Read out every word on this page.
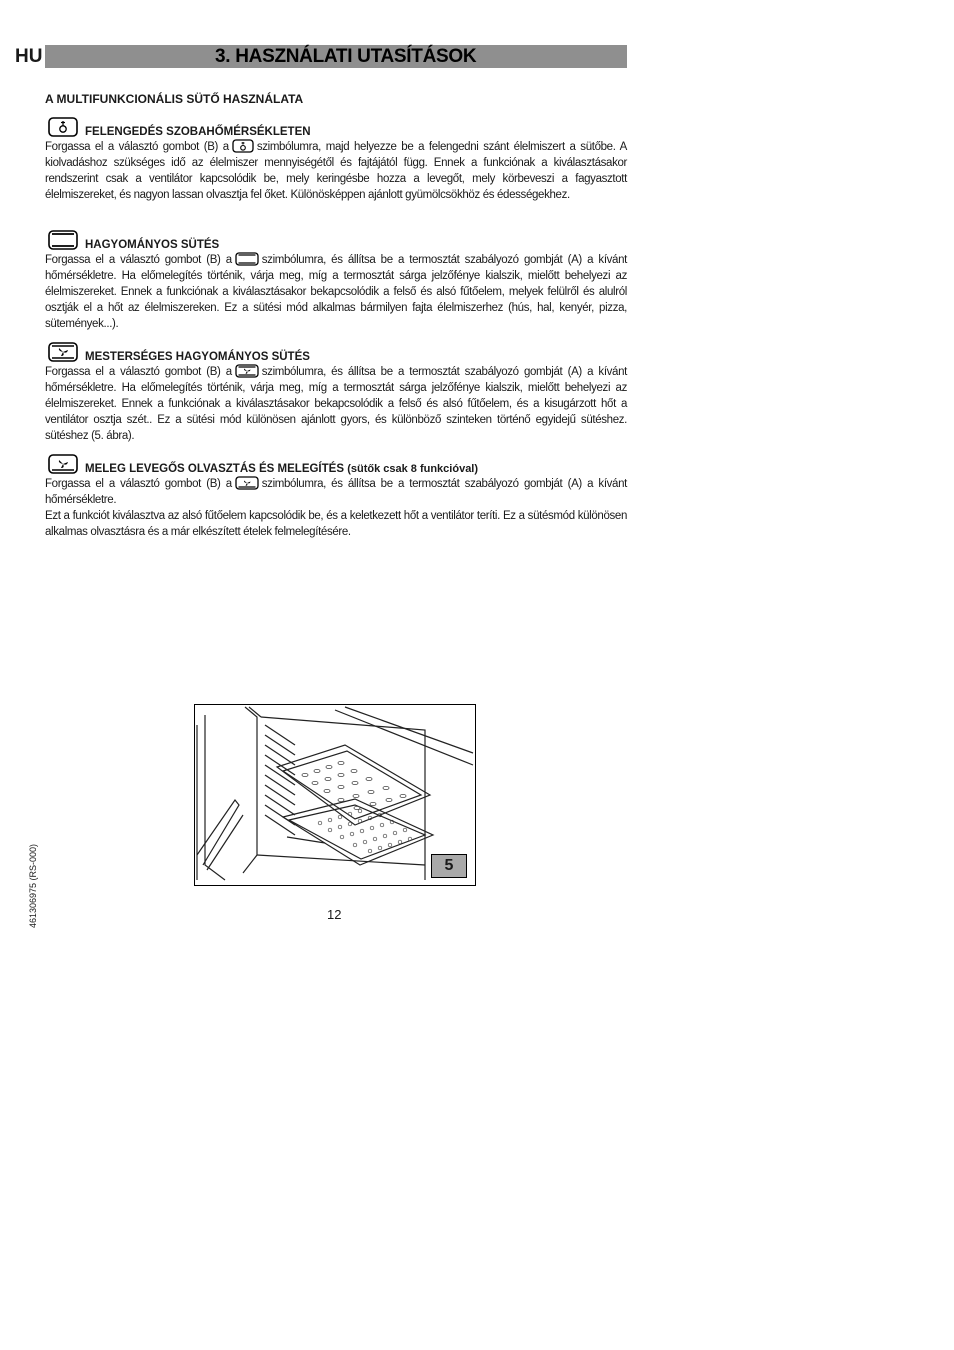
HU	3. HASZNÁLATI UTASÍTÁSOK
A MULTIFUNKCIONÁLIS SÜTŐ HASZNÁLATA
FELENGEDÉS SZOBAHŐMÉRSÉKLETEN

Forgassa el a választó gombot (B) a szimbólumra, majd helyezze be a felengedni szánt élelmiszert a sütőbe. A kiolvadáshoz szükséges idő az élelmiszer mennyiségétől és fajtájától függ. Ennek a funkciónak a kiválasztásakor rendszerint csak a ventilátor kapcsolódik be, mely keringésbe hozza a levegőt, mely körbeveszi a fagyasztott élelmiszereket, és nagyon lassan olvasztja fel őket. Különösképpen ajánlott gyümölcsökhöz és édességekhez.

HAGYOMÁNYOS SÜTÉS

Forgassa el a választó gombot (B) a	szimbólumra, és állítsa be a termosztát szabályozó gombját (A) a kívánt hőmérsékletre. Ha előmelegítés történik, várja meg, míg a termosztát sárga jelzőfénye kialszik, mielőtt behelyezi az élelmiszereket. Ennek a funkciónak a kiválasztásakor bekapcsolódik a felső és alsó fűtőelem, melyek felülről és alulról osztják el a hőt az élelmiszereken. Ez a sütési mód alkalmas bármilyen fajta élelmiszerhez (hús, hal, kenyér, pizza, sütemények...).

MESTERSÉGES HAGYOMÁNYOS SÜTÉS

Forgassa el a választó gombot (B) a	szimbólumra, és állítsa be a termosztát szabályozó gombját (A) a kívánt hőmérsékletre. Ha előmelegítés történik, várja meg, míg a termosztát sárga jelzőfénye kialszik, mielőtt behelyezi az élelmiszereket. Ennek a funkciónak a kiválasztásakor bekapcsolódik a felső és alsó fűtőelem, és a kisugárzott hőt a ventilátor osztja szét.. Ez a sütési mód különösen ajánlott gyors, és különböző szinteken történő egyidejű sütéshez. sütéshez (5. ábra).

MELEG LEVEGŐS OLVASZTÁS ÉS MELEGÍTÉS (sütők csak 8 funkcióval)

Forgassa el a választó gombot (B) a	szimbólumra, és állítsa be a termosztát szabályozó gombját (A) a kívánt hőmérsékletre.

Ezt a funkciót kiválasztva az alsó fűtőelem kapcsolódik be, és a keletkezett hőt a ventilátor teríti. Ez a sütésmód különösen alkalmas olvasztásra és a már elkészített ételek felmelegítésére.

5
12
461306975 (RS-000)
